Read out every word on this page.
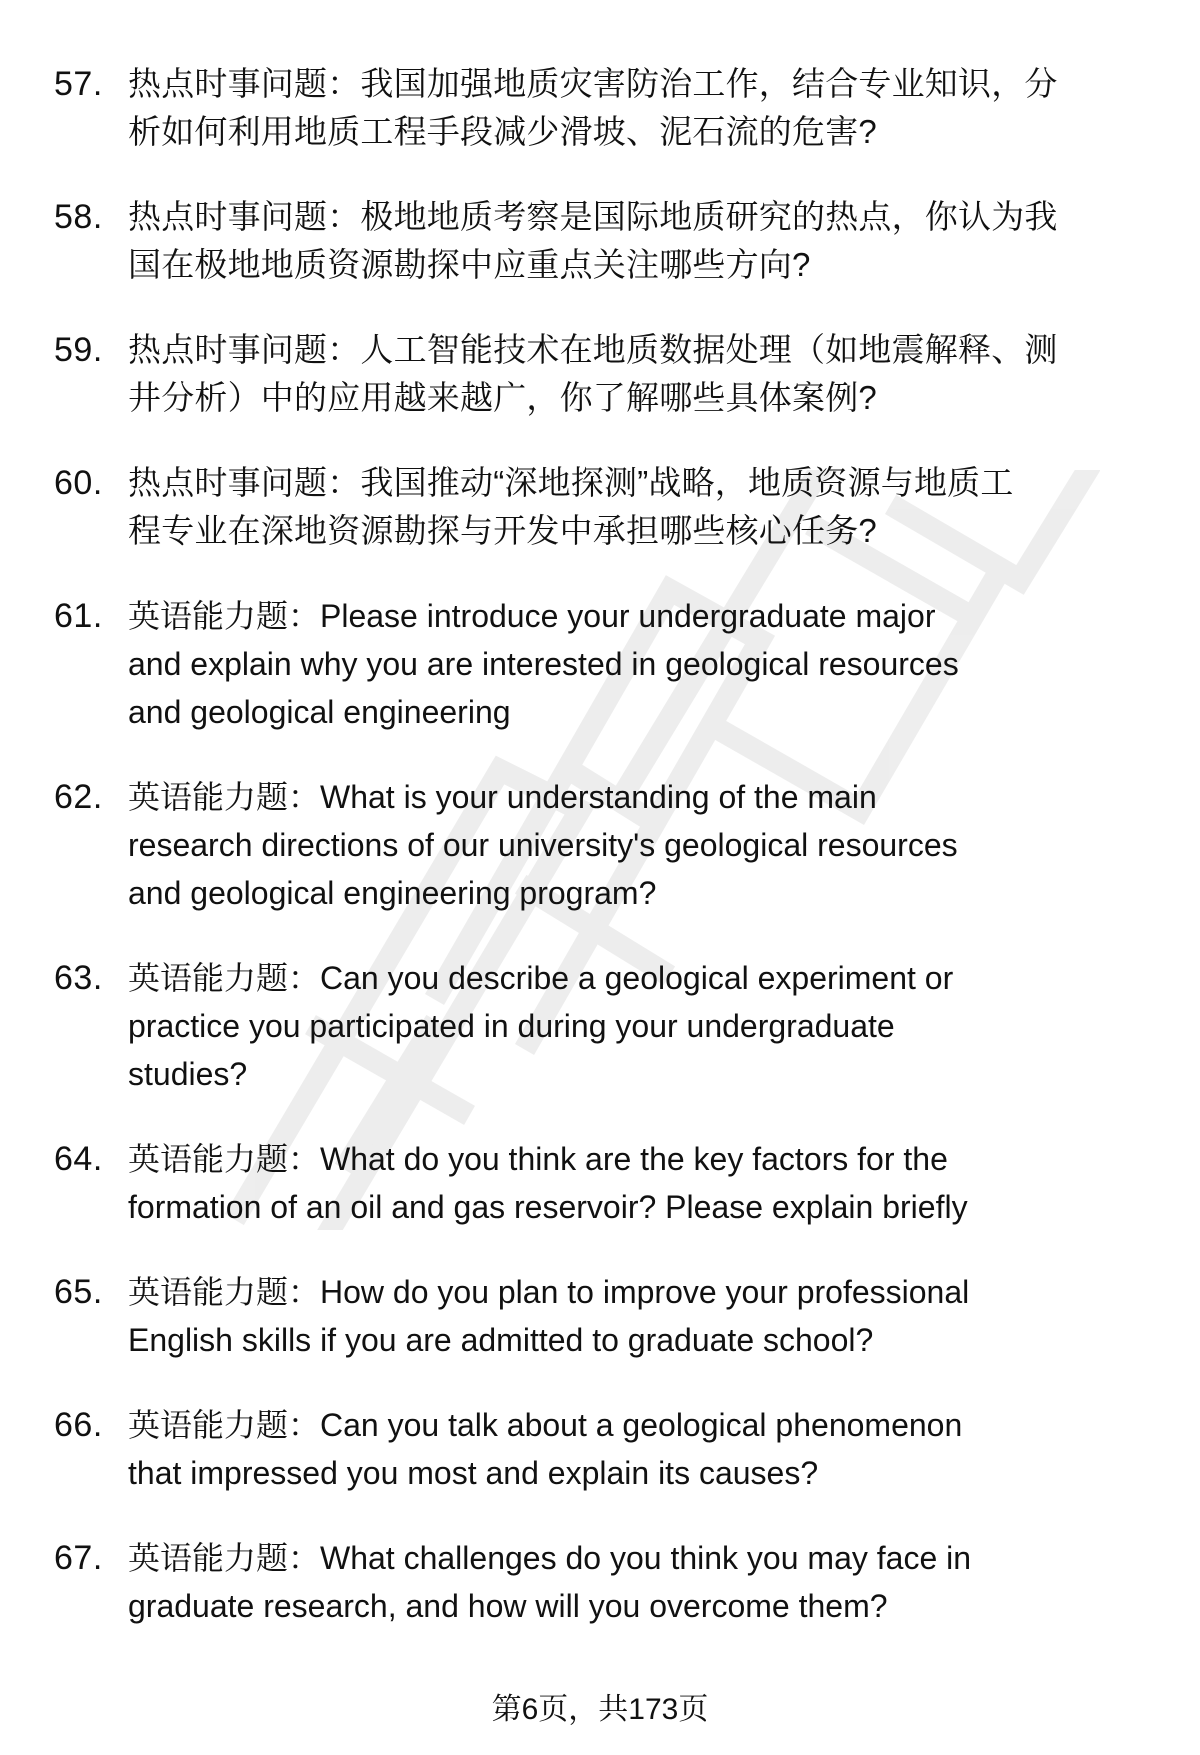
57. 热点时事问题：我国加强地质灾害防治工作，结合专业知识，分
析如何利用地质工程手段减少滑坡、泥石流的危害?
58. 热点时事问题：极地地质考察是国际地质研究的热点，你认为我
国在极地地质资源勘探中应重点关注哪些方向?
59. 热点时事问题：人工智能技术在地质数据处理（如地震解释、测
井分析）中的应用越来越广，你了解哪些具体案例?
60. 热点时事问题：我国推动“深地探测”战略，地质资源与地质工
程专业在深地资源勘探与开发中承担哪些核心任务?
61. 英语能力题：Please introduce your undergraduate major
and explain why you are interested in geological resources
and geological engineering
62. 英语能力题：What is your understanding of the main
research directions of our university's geological resources
and geological engineering program?
63. 英语能力题：Can you describe a geological experiment or
practice you participated in during your undergraduate
studies?
64. 英语能力题：What do you think are the key factors for the
formation of an oil and gas reservoir? Please explain briefly
65. 英语能力题：How do you plan to improve your professional
English skills if you are admitted to graduate school?
66. 英语能力题：Can you talk about a geological phenomenon
that impressed you most and explain its causes?
67. 英语能力题：What challenges do you think you may face in
graduate research, and how will you overcome them?
第6页，共173页
